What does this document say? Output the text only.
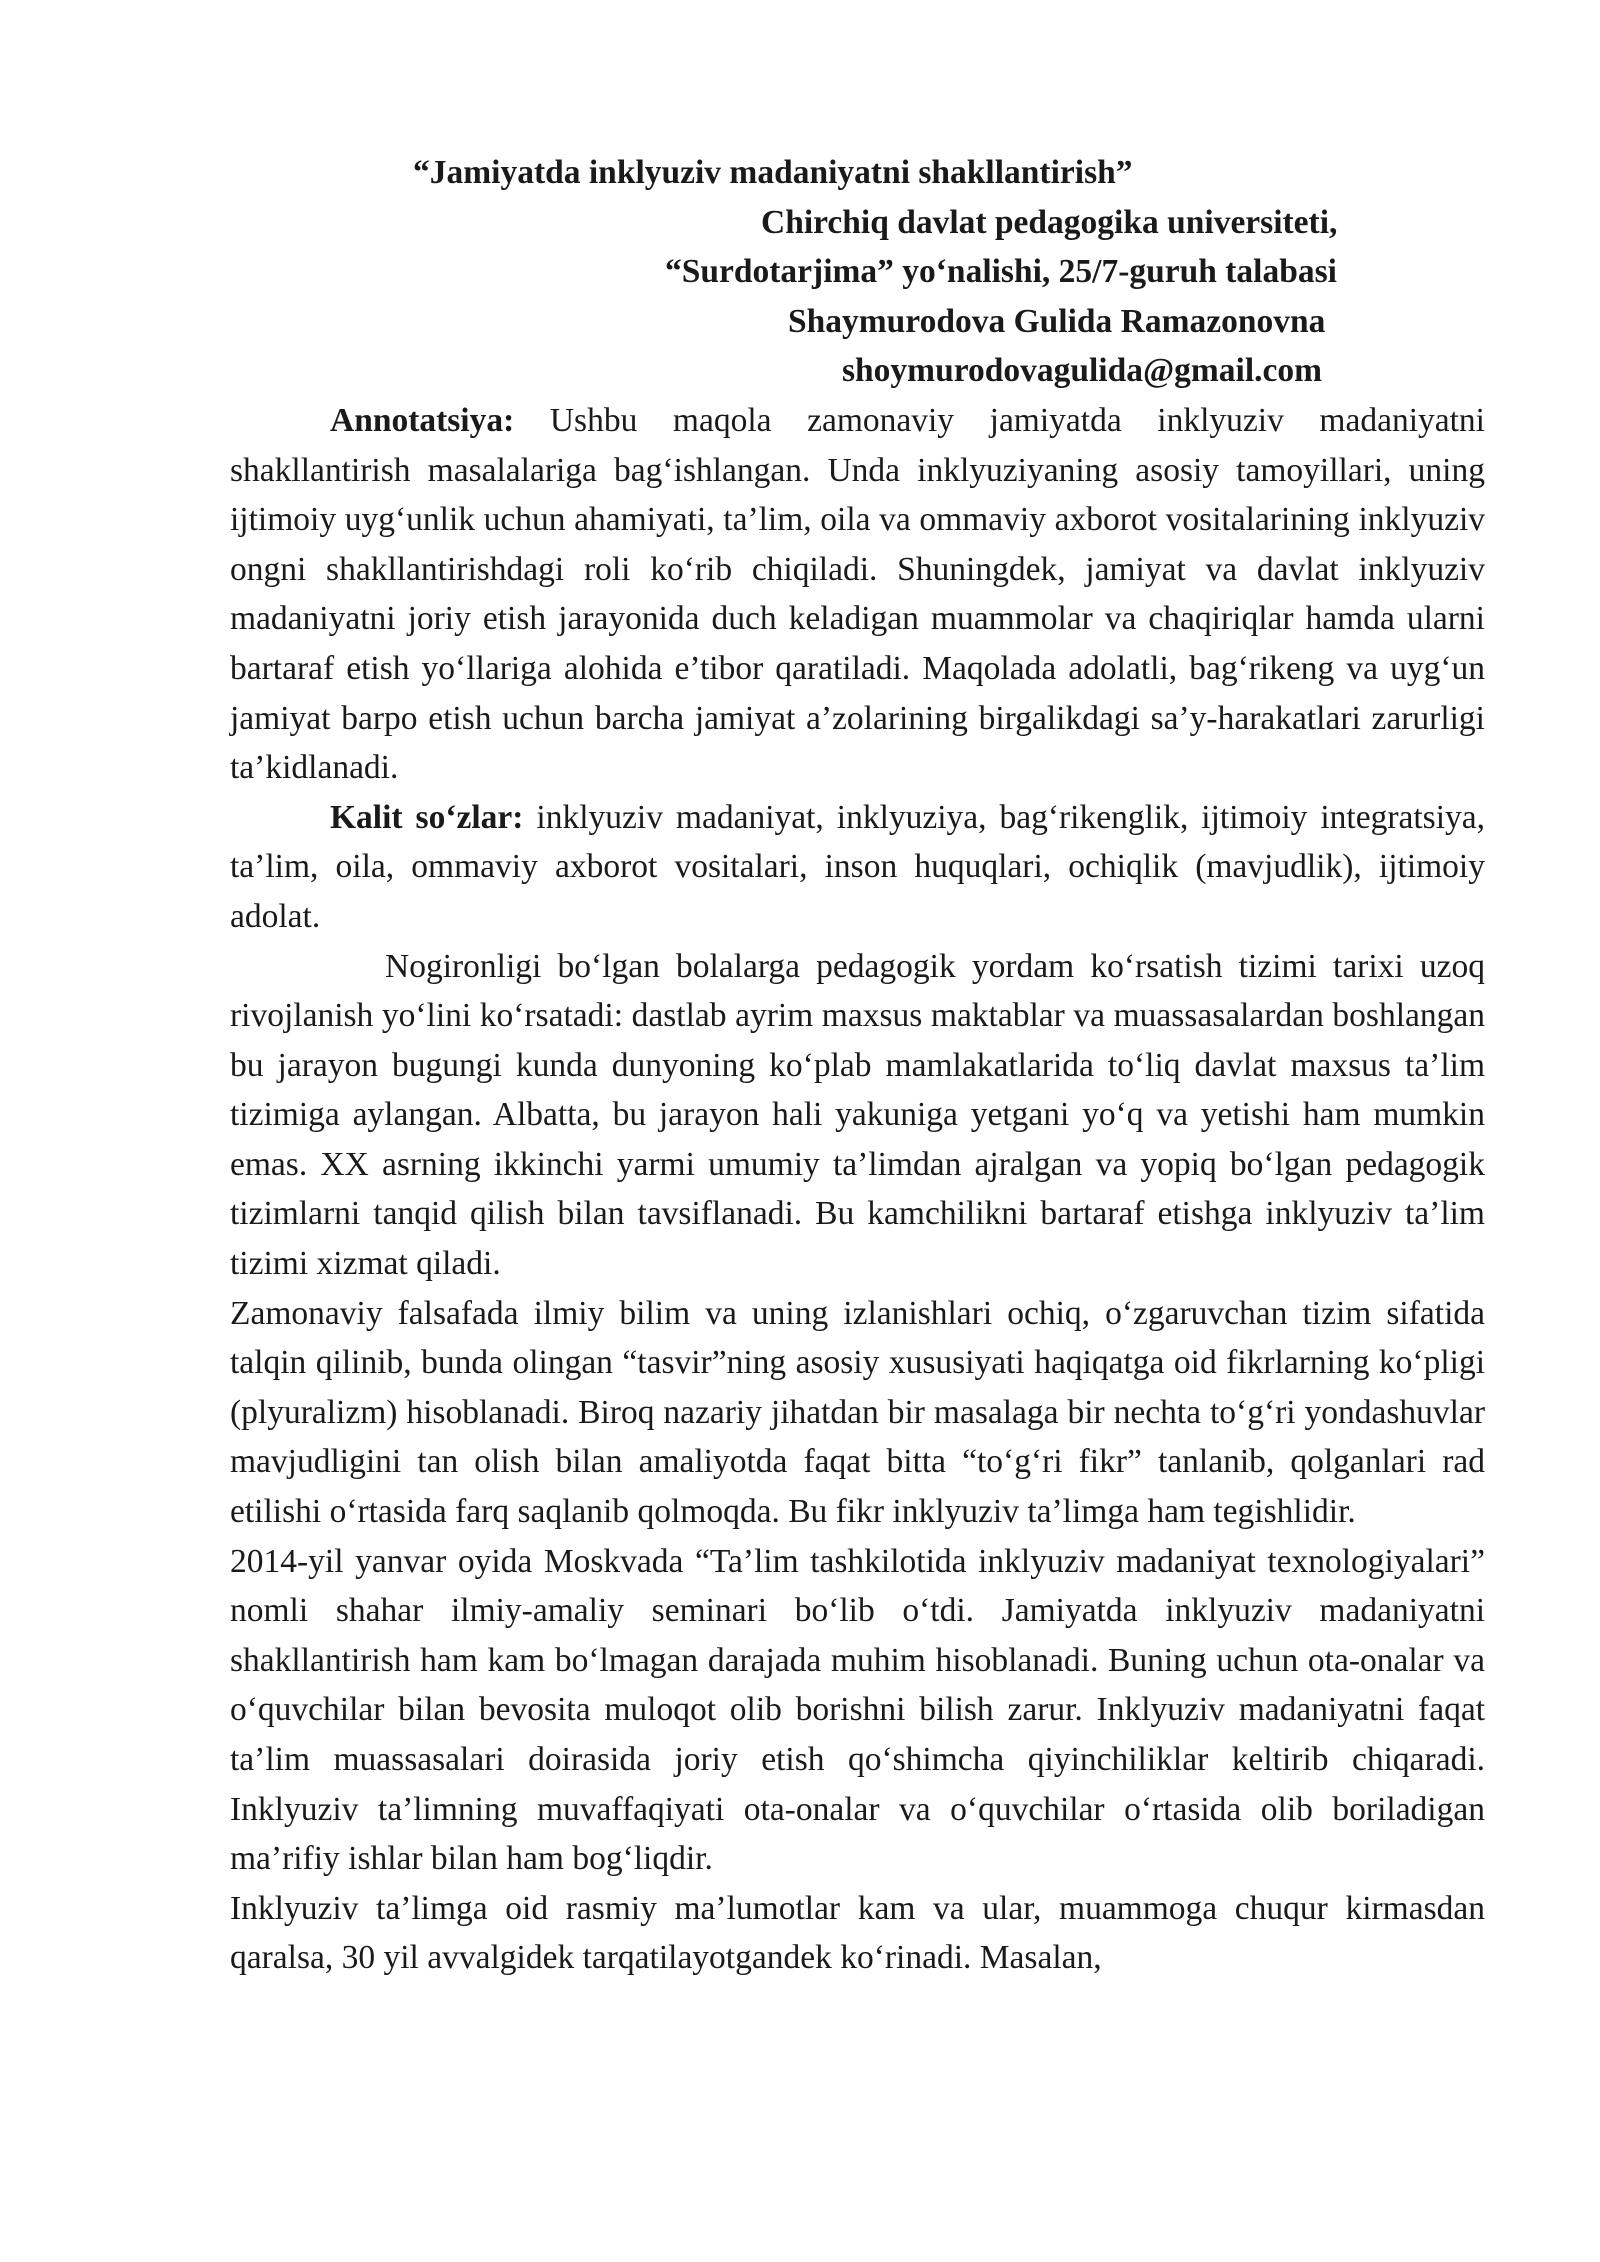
“Jamiyatda inklyuziv madaniyatni shakllantirish”
Chirchiq davlat pedagogika universiteti,
“Surdotarjima” yo‘nalishi, 25/7-guruh talabasi
Shaymurodova Gulida Ramazonovna
shoymurodovagulida@gmail.com

Annotatsiya: Ushbu maqola zamonaviy jamiyatda inklyuziv madaniyatni shakllantirish masalalariga bag‘ishlangan. Unda inklyuziyaning asosiy tamoyillari, uning ijtimoiy uyg‘unlik uchun ahamiyati, ta’lim, oila va ommaviy axborot vositalarining inklyuziv ongni shakllantirishdagi roli ko‘rib chiqiladi. Shuningdek, jamiyat va davlat inklyuziv madaniyatni joriy etish jarayonida duch keladigan muammolar va chaqiriqlar hamda ularni bartaraf etish yo‘llariga alohida e’tibor qaratiladi. Maqolada adolatli, bag‘rikeng va uyg‘un jamiyat barpo etish uchun barcha jamiyat a’zolarining birgalikdagi sa’y-harakatlari zarurligi ta’kidlanadi.

Kalit so‘zlar: inklyuziv madaniyat, inklyuziya, bag‘rikenglik, ijtimoiy integratsiya, ta’lim, oila, ommaviy axborot vositalari, inson huquqlari, ochiqlik (mavjudlik), ijtimoiy adolat.

Nogironligi bo‘lgan bolalarga pedagogik yordam ko‘rsatish tizimi tarixi uzoq rivojlanish yo‘lini ko‘rsatadi: dastlab ayrim maxsus maktablar va muassasalardan boshlangan bu jarayon bugungi kunda dunyoning ko‘plab mamlakatlarida to‘liq davlat maxsus ta’lim tizimiga aylangan. Albatta, bu jarayon hali yakuniga yetgani yo‘q va yetishi ham mumkin emas. XX asrning ikkinchi yarmi umumiy ta’limdan ajralgan va yopiq bo‘lgan pedagogik tizimlarni tanqid qilish bilan tavsiflanadi. Bu kamchilikni bartaraf etishga inklyuziv ta’lim tizimi xizmat qiladi.

Zamonaviy falsafada ilmiy bilim va uning izlanishlari ochiq, o‘zgaruvchan tizim sifatida talqin qilinib, bunda olingan “tasvir”ning asosiy xususiyati haqiqatga oid fikrlarning ko‘pligi (plyuralizm) hisoblanadi. Biroq nazariy jihatdan bir masalaga bir nechta to‘g‘ri yondashuvlar mavjudligini tan olish bilan amaliyotda faqat bitta “to‘g‘ri fikr” tanlanib, qolganlari rad etilishi o‘rtasida farq saqlanib qolmoqda. Bu fikr inklyuziv ta’limga ham tegishlidir.

2014-yil yanvar oyida Moskvada “Ta’lim tashkilotida inklyuziv madaniyat texnologiyalari” nomli shahar ilmiy-amaliy seminari bo‘lib o‘tdi. Jamiyatda inklyuziv madaniyatni shakllantirish ham kam bo‘lmagan darajada muhim hisoblanadi. Buning uchun ota-onalar va o‘quvchilar bilan bevosita muloqot olib borishni bilish zarur. Inklyuziv madaniyatni faqat ta’lim muassasalari doirasida joriy etish qo‘shimcha qiyinchiliklar keltirib chiqaradi. Inklyuziv ta’limning muvaffaqiyati ota-onalar va o‘quvchilar o‘rtasida olib boriladigan ma’rifiy ishlar bilan ham bog‘liqdir.

Inklyuziv ta’limga oid rasmiy ma’lumotlar kam va ular, muammoga chuqur kirmasdan qaralsa, 30 yil avvalgidek tarqatilayotgandek ko‘rinadi. Masalan,
